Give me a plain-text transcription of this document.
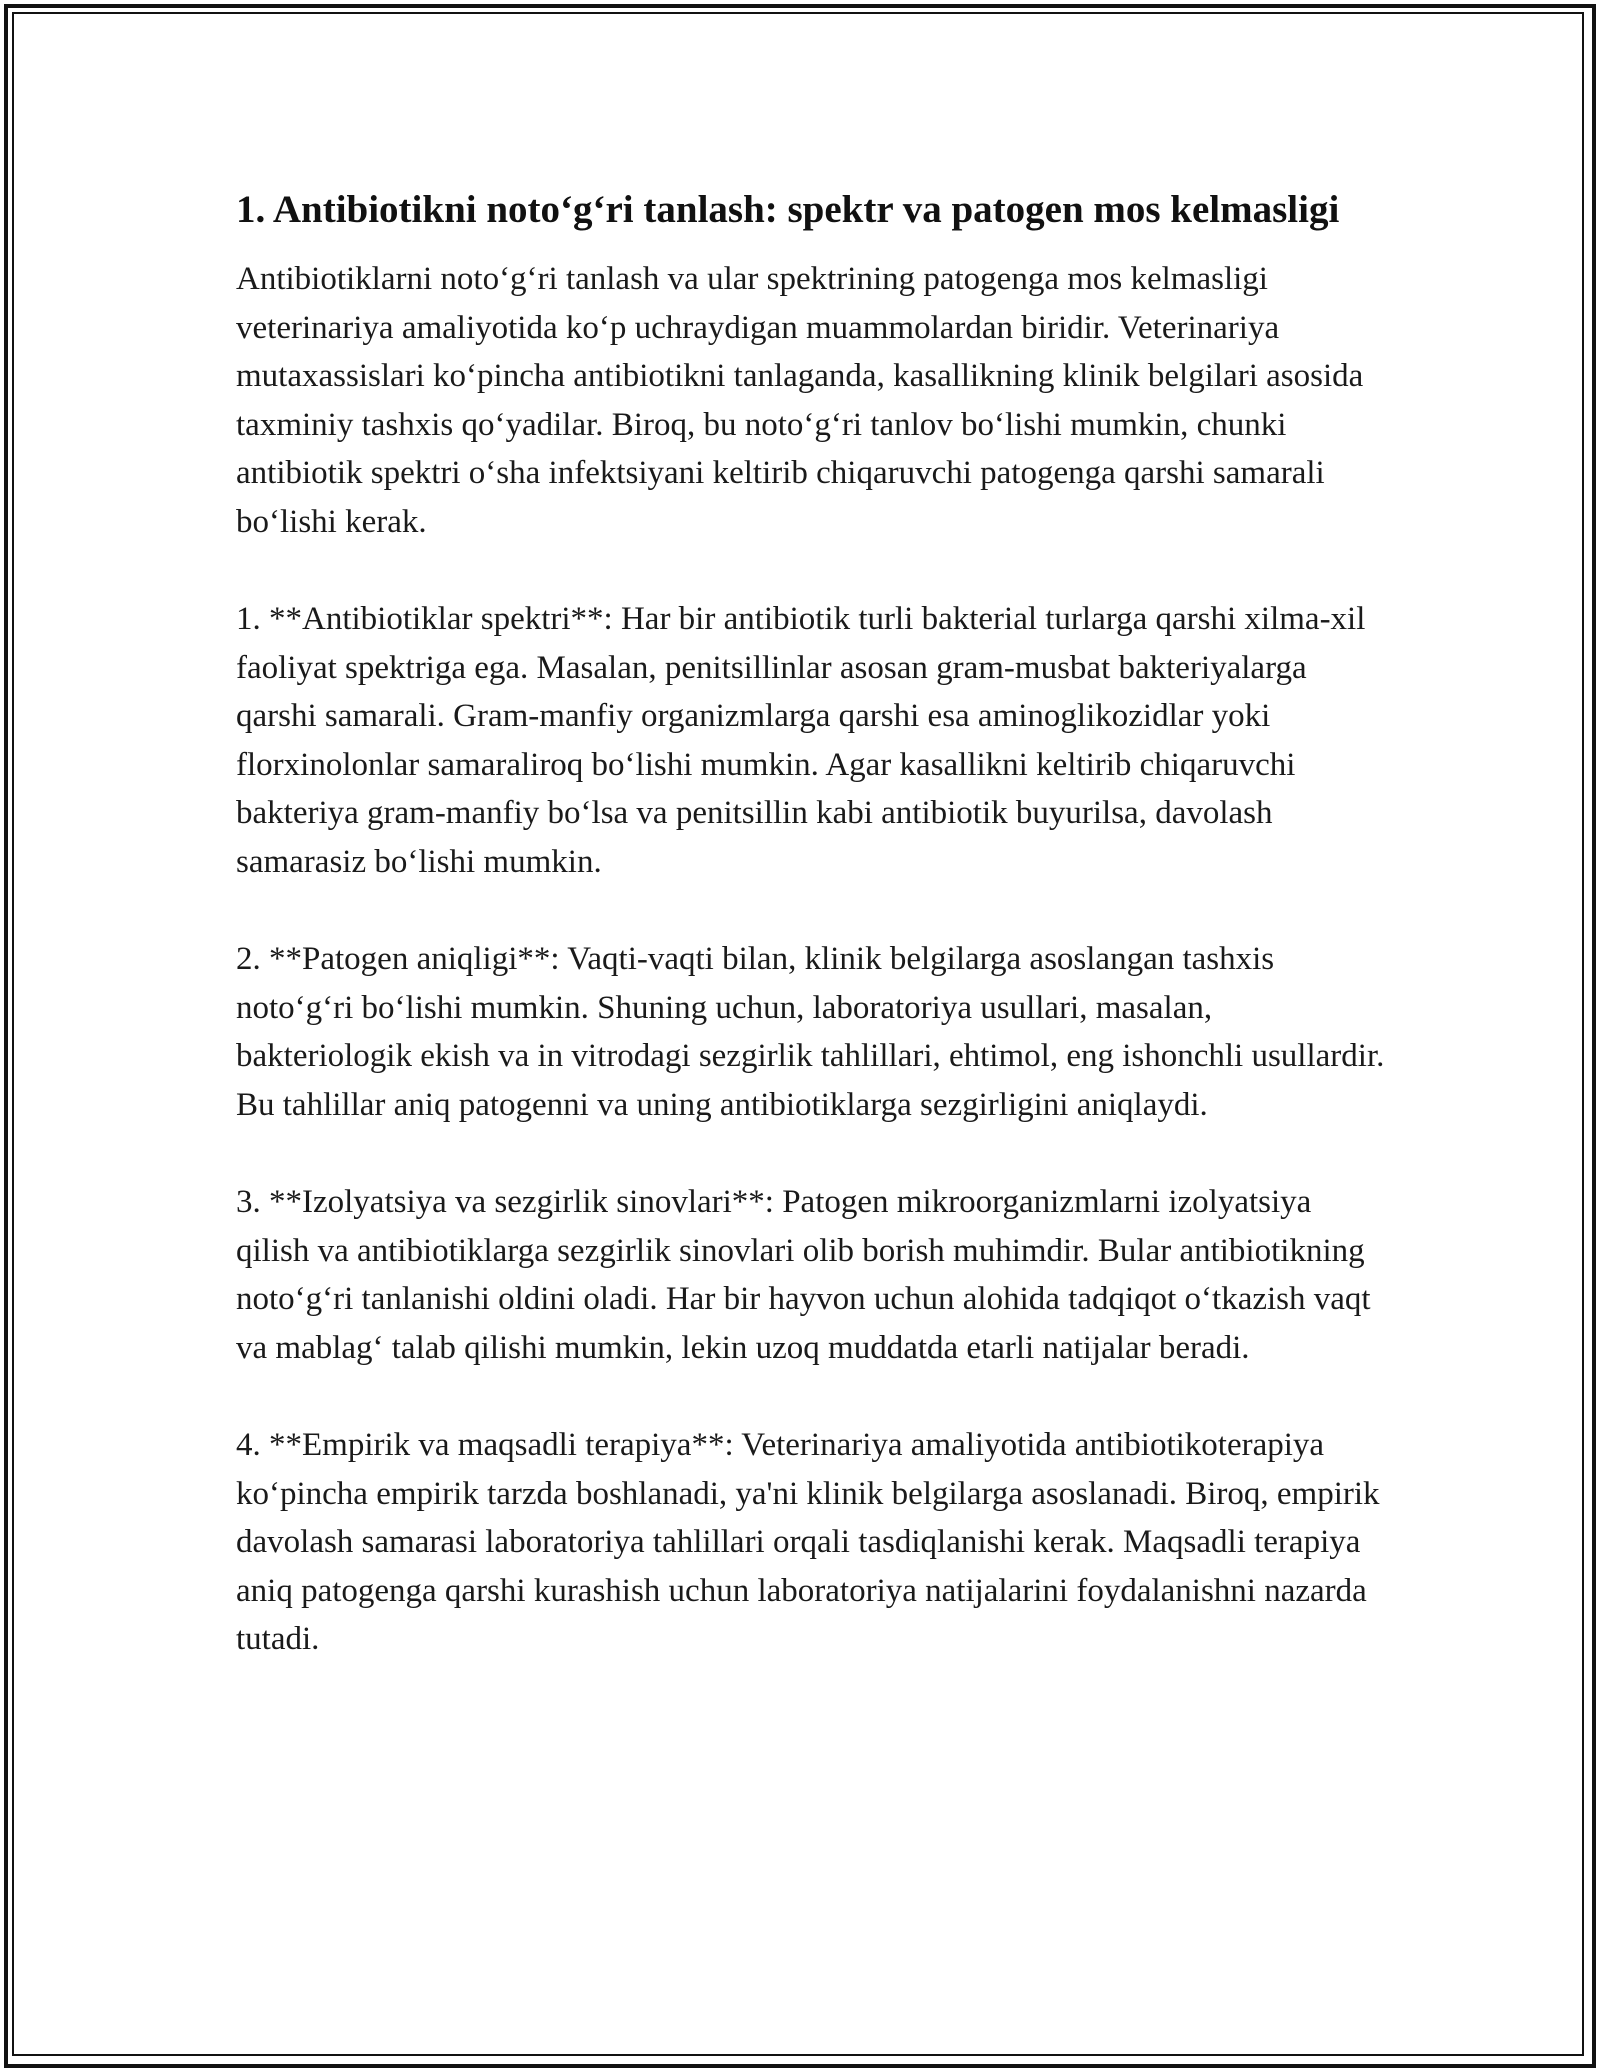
1. Antibiotikni noto‘g‘ri tanlash: spektr va patogen mos kelmasligi

Antibiotiklarni noto‘g‘ri tanlash va ular spektrining patogenga mos kelmasligi veterinariya amaliyotida ko‘p uchraydigan muammolardan biridir. Veterinariya mutaxassislari ko‘pincha antibiotikni tanlaganda, kasallikning klinik belgilari asosida taxminiy tashxis qo‘yadilar. Biroq, bu noto‘g‘ri tanlov bo‘lishi mumkin, chunki antibiotik spektri o‘sha infektsiyani keltirib chiqaruvchi patogenga qarshi samarali bo‘lishi kerak.

1. **Antibiotiklar spektri**: Har bir antibiotik turli bakterial turlarga qarshi xilma-xil faoliyat spektriga ega. Masalan, penitsillinlar asosan gram-musbat bakteriyalarga qarshi samarali. Gram-manfiy organizmlarga qarshi esa aminoglikozidlar yoki florxinolonlar samaraliroq bo‘lishi mumkin. Agar kasallikni keltirib chiqaruvchi bakteriya gram-manfiy bo‘lsa va penitsillin kabi antibiotik buyurilsa, davolash samarasiz bo‘lishi mumkin.

2. **Patogen aniqligi**: Vaqti-vaqti bilan, klinik belgilarga asoslangan tashxis noto‘g‘ri bo‘lishi mumkin. Shuning uchun, laboratoriya usullari, masalan, bakteriologik ekish va in vitrodagi sezgirlik tahlillari, ehtimol, eng ishonchli usullardir. Bu tahlillar aniq patogenni va uning antibiotiklarga sezgirligini aniqlaydi.

3. **Izolyatsiya va sezgirlik sinovlari**: Patogen mikroorganizmlarni izolyatsiya qilish va antibiotiklarga sezgirlik sinovlari olib borish muhimdir. Bular antibiotikning noto‘g‘ri tanlanishi oldini oladi. Har bir hayvon uchun alohida tadqiqot o‘tkazish vaqt va mablag‘ talab qilishi mumkin, lekin uzoq muddatda etarli natijalar beradi.

4. **Empirik va maqsadli terapiya**: Veterinariya amaliyotida antibiotikoterapiya ko‘pincha empirik tarzda boshlanadi, ya'ni klinik belgilarga asoslanadi. Biroq, empirik davolash samarasi laboratoriya tahlillari orqali tasdiqlanishi kerak. Maqsadli terapiya aniq patogenga qarshi kurashish uchun laboratoriya natijalarini foydalanishni nazarda tutadi.
